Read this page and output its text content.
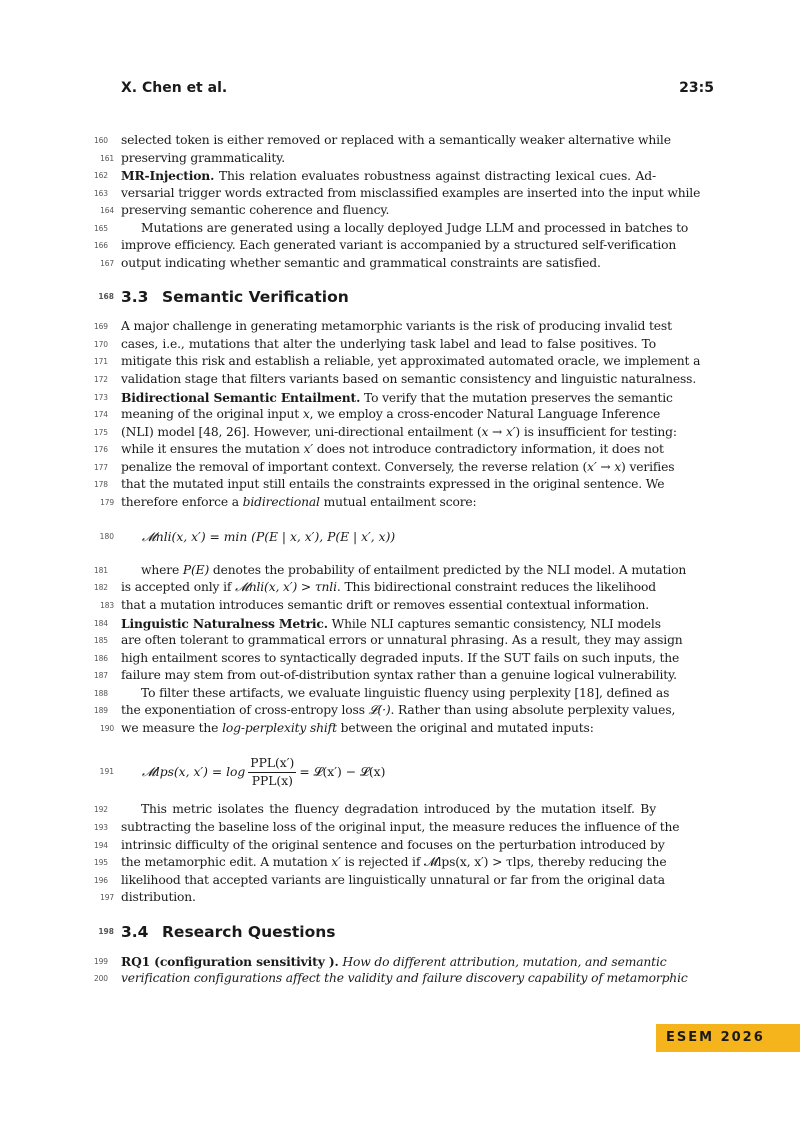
X. Chen et al.	23:5
160	selected token is either removed or replaced with a semantically weaker alternative while
161 preserving grammaticality.
162	MR-Injection. This relation evaluates robustness against distracting lexical cues. Ad-
163	versarial trigger words extracted from misclassified examples are inserted into the input while
164 preserving semantic coherence and fluency.
165	Mutations are generated using a locally deployed Judge LLM and processed in batches to
166	improve efficiency. Each generated variant is accompanied by a structured self-verification
167 output indicating whether semantic and grammatical constraints are satisfied.
168 3.3 Semantic Verification
169	A major challenge in generating metamorphic variants is the risk of producing invalid test
170	cases, i.e., mutations that alter the underlying task label and lead to false positives. To
171	mitigate this risk and establish a reliable, yet approximated automated oracle, we implement a
172	validation stage that filters variants based on semantic consistency and linguistic naturalness.
173	Bidirectional Semantic Entailment. To verify that the mutation preserves the semantic
174	meaning of the original input x, we employ a cross-encoder Natural Language Inference
175	(NLI) model [48, 26]. However, uni-directional entailment (x → x′) is insufficient for testing:
176	while it ensures the mutation x′ does not introduce contradictory information, it does not
177	penalize the removal of important context. Conversely, the reverse relation (x′ → x) verifies
178	that the mutated input still entails the constraints expressed in the original sentence. We
179 therefore enforce a bidirectional mutual entailment score:
180 𝓜nli(x, x′) = min (P(E | x, x′), P(E | x′, x))
181	where P(E) denotes the probability of entailment predicted by the NLI model. A mutation
182	is accepted only if 𝓜nli(x, x′) > τnli. This bidirectional constraint reduces the likelihood
183 that a mutation introduces semantic drift or removes essential contextual information.
184	Linguistic Naturalness Metric. While NLI captures semantic consistency, NLI models
185	are often tolerant to grammatical errors or unnatural phrasing. As a result, they may assign
186	high entailment scores to syntactically degraded inputs. If the SUT fails on such inputs, the
187	failure may stem from out-of-distribution syntax rather than a genuine logical vulnerability.
188	To filter these artifacts, we evaluate linguistic fluency using perplexity [18], defined as
189	the exponentiation of cross-entropy loss 𝓛(·). Rather than using absolute perplexity values,
190 we measure the log-perplexity shift between the original and mutated inputs:
191 𝓜lps(x, $x') = \log \frac{\text{PPL(x′)}}{\text{PPL(x)}}$ = 𝓛(x′) − 𝓛(x)
192	This metric isolates the fluency degradation introduced by the mutation itself. By
193	subtracting the baseline loss of the original input, the measure reduces the influence of the
194	intrinsic difficulty of the original sentence and focuses on the perturbation introduced by
195	the metamorphic edit. A mutation x′ is rejected if 𝓜lps(x, x′) > τlps, thereby reducing the
196	likelihood that accepted variants are linguistically unnatural or far from the original data
197 distribution.
198 3.4 Research Questions
199	RQ1 (configuration sensitivity ). How do different attribution, mutation, and semantic
200	verification configurations affect the validity and failure discovery capability of metamorphic
ESEM 2026
